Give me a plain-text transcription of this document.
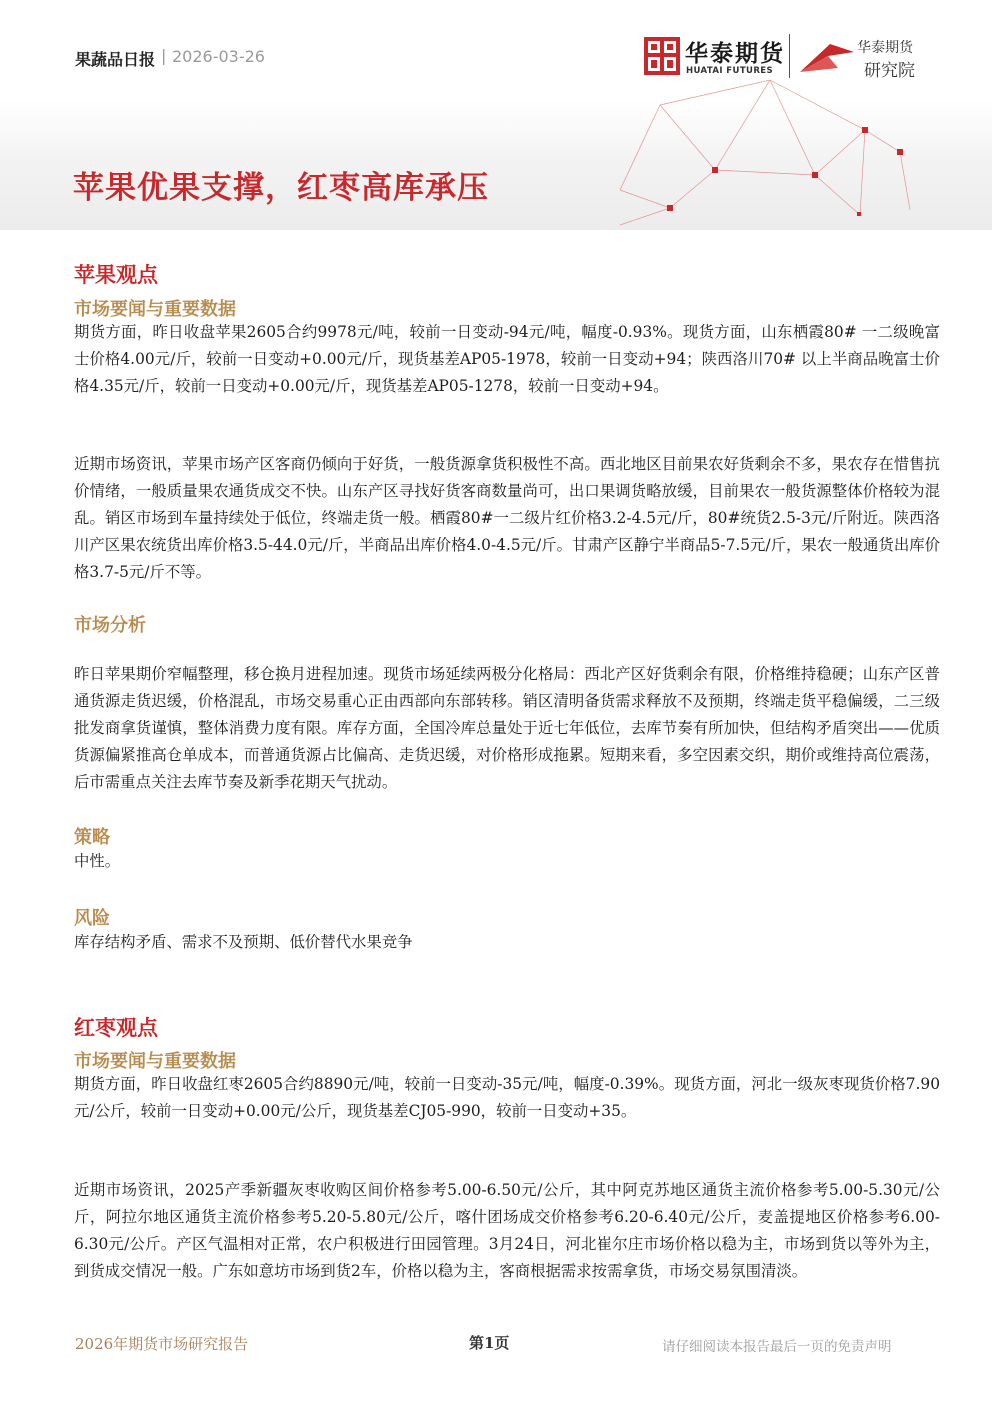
果蔬品日报 | 2026-03-26	华泰期货
HUATAI FUTURES
华泰期货
研究院
苹果优果支撑，红枣高库承压
苹果观点
市场要闻与重要数据

期货方面，昨日收盘苹果2605合约9978元/吨，较前一日变动-94元/吨，幅度-0.93%。现货方面，山东栖霞80# 一二级晚富士价格4.00元/斤，较前一日变动+0.00元/斤，现货基差AP05-1978，较前一日变动+94；陕西洛川70# 以上半商品晚富士价格4.35元/斤，较前一日变动+0.00元/斤，现货基差AP05-1278，较前一日变动+94。

近期市场资讯，苹果市场产区客商仍倾向于好货，一般货源拿货积极性不高。西北地区目前果农好货剩余不多，果农存在惜售抗价情绪，一般质量果农通货成交不快。山东产区寻找好货客商数量尚可，出口果调货略放缓，目前果农一般货源整体价格较为混乱。销区市场到车量持续处于低位，终端走货一般。栖霞80#一二级片红价格3.2-4.5元/斤，80#统货2.5-3元/斤附近。陕西洛川产区果农统货出库价格3.5-44.0元/斤，半商品出库价格4.0-4.5元/斤。甘肃产区静宁半商品5-7.5元/斤，果农一般通货出库价格3.7-5元/斤不等。

市场分析

昨日苹果期价窄幅整理，移仓换月进程加速。现货市场延续两极分化格局：西北产区好货剩余有限，价格维持稳硬；山东产区普通货源走货迟缓，价格混乱，市场交易重心正由西部向东部转移。销区清明备货需求释放不及预期，终端走货平稳偏缓，二三级批发商拿货谨慎，整体消费力度有限。库存方面，全国冷库总量处于近七年低位，去库节奏有所加快，但结构矛盾突出——优质货源偏紧推高仓单成本，而普通货源占比偏高、走货迟缓，对价格形成拖累。短期来看，多空因素交织，期价或维持高位震荡，后市需重点关注去库节奏及新季花期天气扰动。

策略

中性。

风险

库存结构矛盾、需求不及预期、低价替代水果竞争

红枣观点
市场要闻与重要数据

期货方面，昨日收盘红枣2605合约8890元/吨，较前一日变动-35元/吨，幅度-0.39%。现货方面，河北一级灰枣现货价格7.90元/公斤，较前一日变动+0.00元/公斤，现货基差CJ05-990，较前一日变动+35。

近期市场资讯，2025产季新疆灰枣收购区间价格参考5.00-6.50元/公斤，其中阿克苏地区通货主流价格参考5.00-5.30元/公斤，阿拉尔地区通货主流价格参考5.20-5.80元/公斤，喀什团场成交价格参考6.20-6.40元/公斤，麦盖提地区价格参考6.00-6.30元/公斤。产区气温相对正常，农户积极进行田园管理。3月24日，河北崔尔庄市场价格以稳为主，市场到货以等外为主，到货成交情况一般。广东如意坊市场到货2车，价格以稳为主，客商根据需求按需拿货，市场交易氛围清淡。

2026年期货市场研究报告	第1页	请仔细阅读本报告最后一页的免责声明
